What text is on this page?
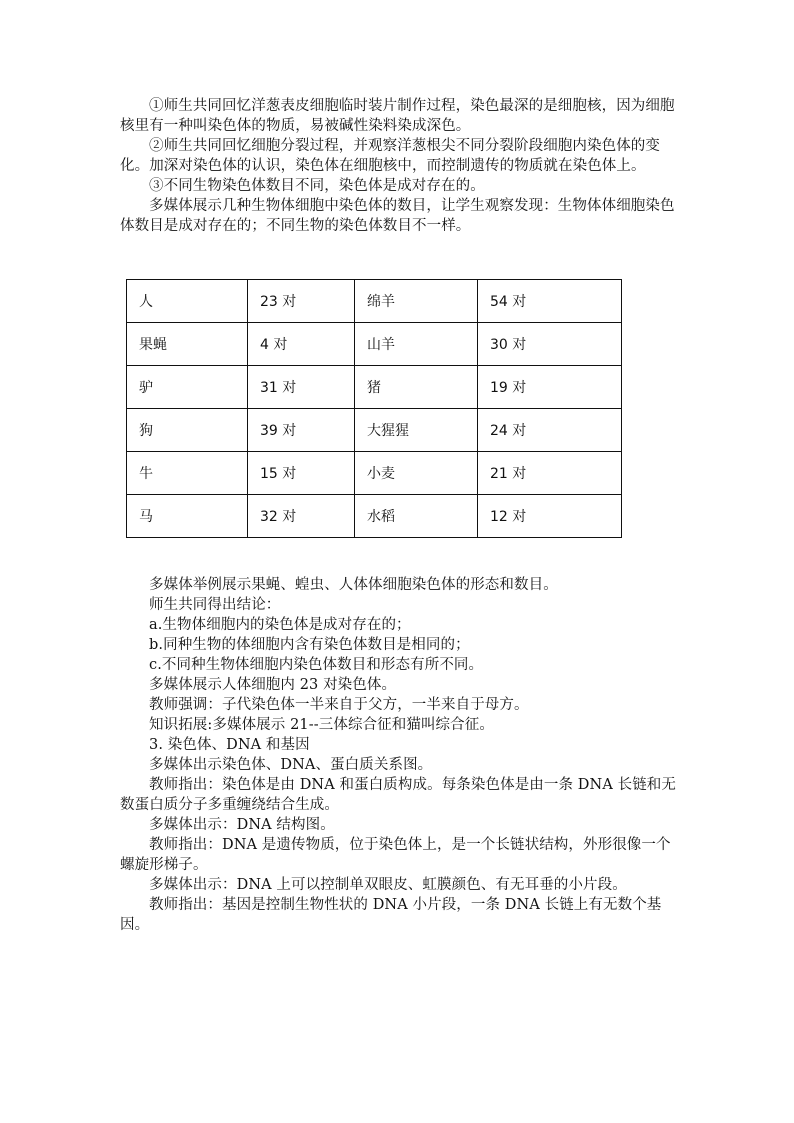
①师生共同回忆洋葱表皮细胞临时装片制作过程，染色最深的是细胞核，因为细胞核里有一种叫染色体的物质，易被碱性染料染成深色。

②师生共同回忆细胞分裂过程，并观察洋葱根尖不同分裂阶段细胞内染色体的变化。加深对染色体的认识，染色体在细胞核中，而控制遗传的物质就在染色体上。

③不同生物染色体数目不同，染色体是成对存在的。

多媒体展示几种生物体细胞中染色体的数目，让学生观察发现：生物体体细胞染色体数目是成对存在的；不同生物的染色体数目不一样。

人	23 对	绵羊	54 对
果蝇	4 对	山羊	30 对
驴	31 对	猪	19 对
狗	39 对	大猩猩	24 对
牛	15 对	小麦	21 对
马	32 对	水稻	12 对

多媒体举例展示果蝇、蝗虫、人体体细胞染色体的形态和数目。

师生共同得出结论：

a.生物体细胞内的染色体是成对存在的；

b.同种生物的体细胞内含有染色体数目是相同的；

c.不同种生物体细胞内染色体数目和形态有所不同。

多媒体展示人体细胞内 23 对染色体。

教师强调：子代染色体一半来自于父方，一半来自于母方。

知识拓展:多媒体展示 21--三体综合征和猫叫综合征。

3. 染色体、DNA 和基因

多媒体出示染色体、DNA、蛋白质关系图。

教师指出：染色体是由 DNA 和蛋白质构成。每条染色体是由一条 DNA 长链和无数蛋白质分子多重缠绕结合生成。

多媒体出示：DNA 结构图。

教师指出：DNA 是遗传物质，位于染色体上，是一个长链状结构，外形很像一个螺旋形梯子。

多媒体出示：DNA 上可以控制单双眼皮、虹膜颜色、有无耳垂的小片段。

教师指出：基因是控制生物性状的 DNA 小片段，一条 DNA 长链上有无数个基因。
